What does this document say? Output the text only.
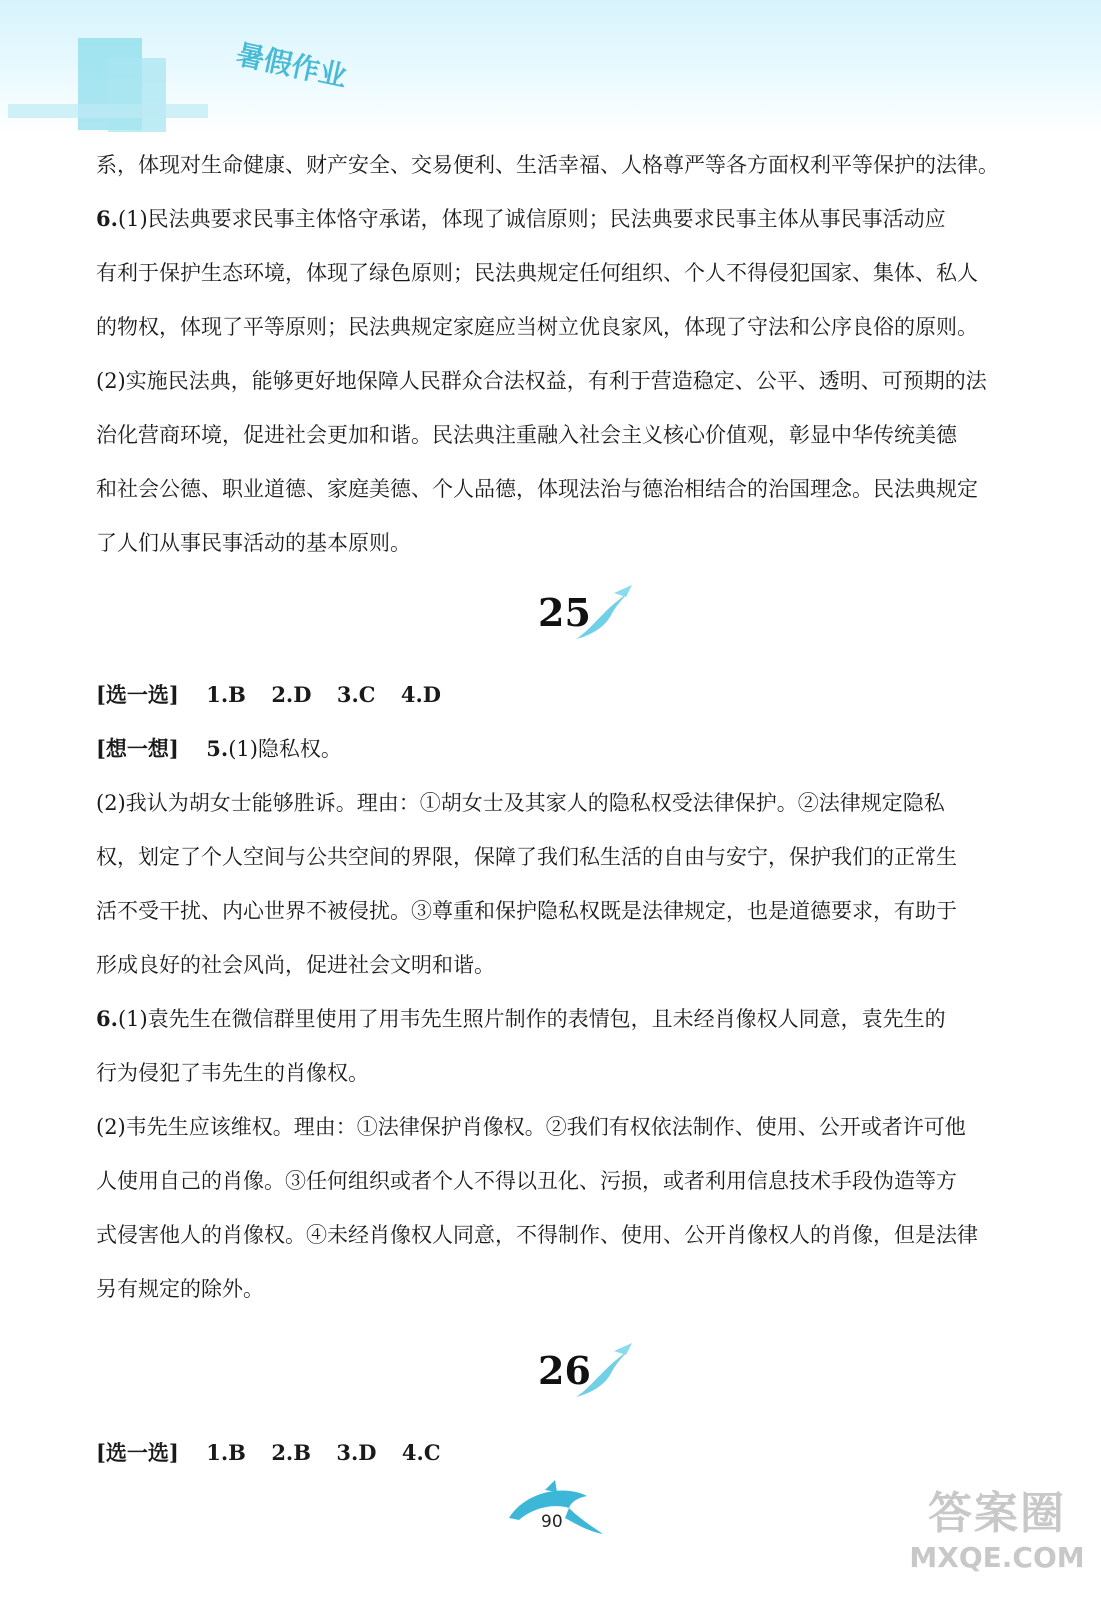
暑假作业
系，体现对生命健康、财产安全、交易便利、生活幸福、人格尊严等各方面权利平等保护的法律。
6.(1)民法典要求民事主体恪守承诺，体现了诚信原则；民法典要求民事主体从事民事活动应
有利于保护生态环境，体现了绿色原则；民法典规定任何组织、个人不得侵犯国家、集体、私人
的物权，体现了平等原则；民法典规定家庭应当树立优良家风，体现了守法和公序良俗的原则。
(2)实施民法典，能够更好地保障人民群众合法权益，有利于营造稳定、公平、透明、可预期的法
治化营商环境，促进社会更加和谐。民法典注重融入社会主义核心价值观，彰显中华传统美德
和社会公德、职业道德、家庭美德、个人品德，体现法治与德治相结合的治国理念。民法典规定
了人们从事民事活动的基本原则。
25
[选一选] 1.B 2.D 3.C 4.D
[想一想] 5.(1)隐私权。
(2)我认为胡女士能够胜诉。理由：①胡女士及其家人的隐私权受法律保护。②法律规定隐私
权，划定了个人空间与公共空间的界限，保障了我们私生活的自由与安宁，保护我们的正常生
活不受干扰、内心世界不被侵扰。③尊重和保护隐私权既是法律规定，也是道德要求，有助于
形成良好的社会风尚，促进社会文明和谐。
6.(1)袁先生在微信群里使用了用韦先生照片制作的表情包，且未经肖像权人同意，袁先生的
行为侵犯了韦先生的肖像权。
(2)韦先生应该维权。理由：①法律保护肖像权。②我们有权依法制作、使用、公开或者许可他
人使用自己的肖像。③任何组织或者个人不得以丑化、污损，或者利用信息技术手段伪造等方
式侵害他人的肖像权。④未经肖像权人同意，不得制作、使用、公开肖像权人的肖像，但是法律
另有规定的除外。
26
[选一选] 1.B 2.B 3.D 4.C
90	答案圈
MXQE.COM
